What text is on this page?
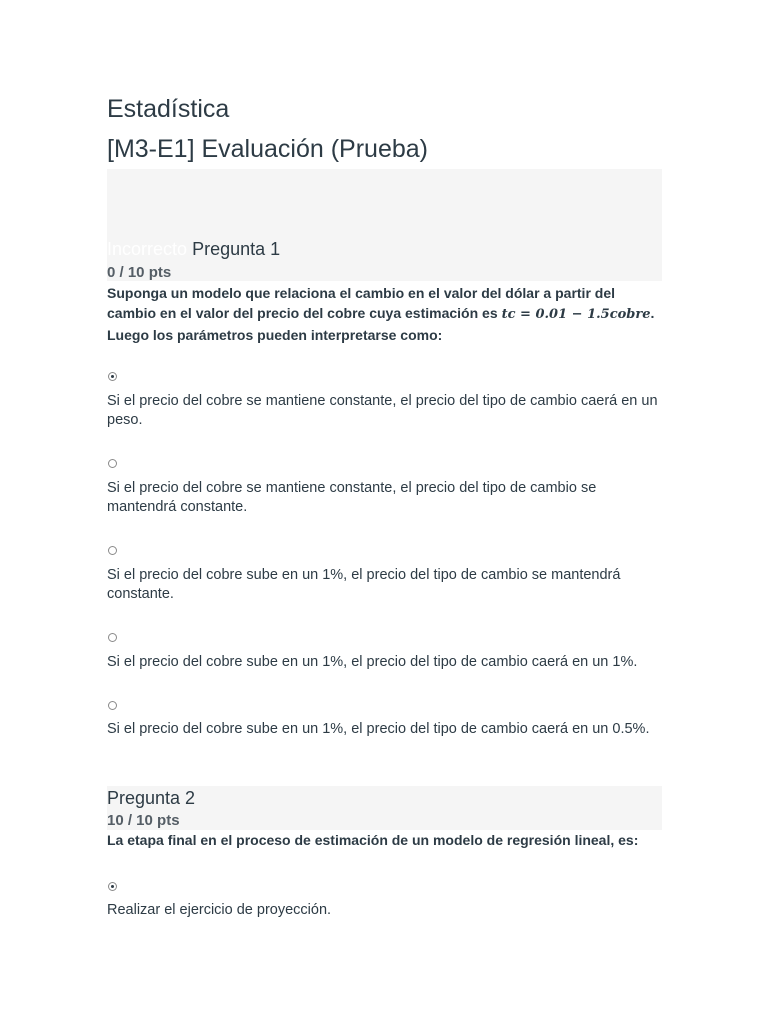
Estadística
[M3-E1] Evaluación (Prueba)
Incorrecto Pregunta 1
0 / 10 pts
Suponga un modelo que relaciona el cambio en el valor del dólar a partir del
cambio en el valor del precio del cobre cuya estimación es tc = 0.01 − 1.5cobre.
Luego los parámetros pueden interpretarse como:
Si el precio del cobre se mantiene constante, el precio del tipo de cambio caerá en un peso.
Si el precio del cobre se mantiene constante, el precio del tipo de cambio se mantendrá constante.
Si el precio del cobre sube en un 1%, el precio del tipo de cambio se mantendrá constante.
Si el precio del cobre sube en un 1%, el precio del tipo de cambio caerá en un 1%.
Si el precio del cobre sube en un 1%, el precio del tipo de cambio caerá en un 0.5%.
Pregunta 2
10 / 10 pts
La etapa final en el proceso de estimación de un modelo de regresión lineal, es:
Realizar el ejercicio de proyección.
